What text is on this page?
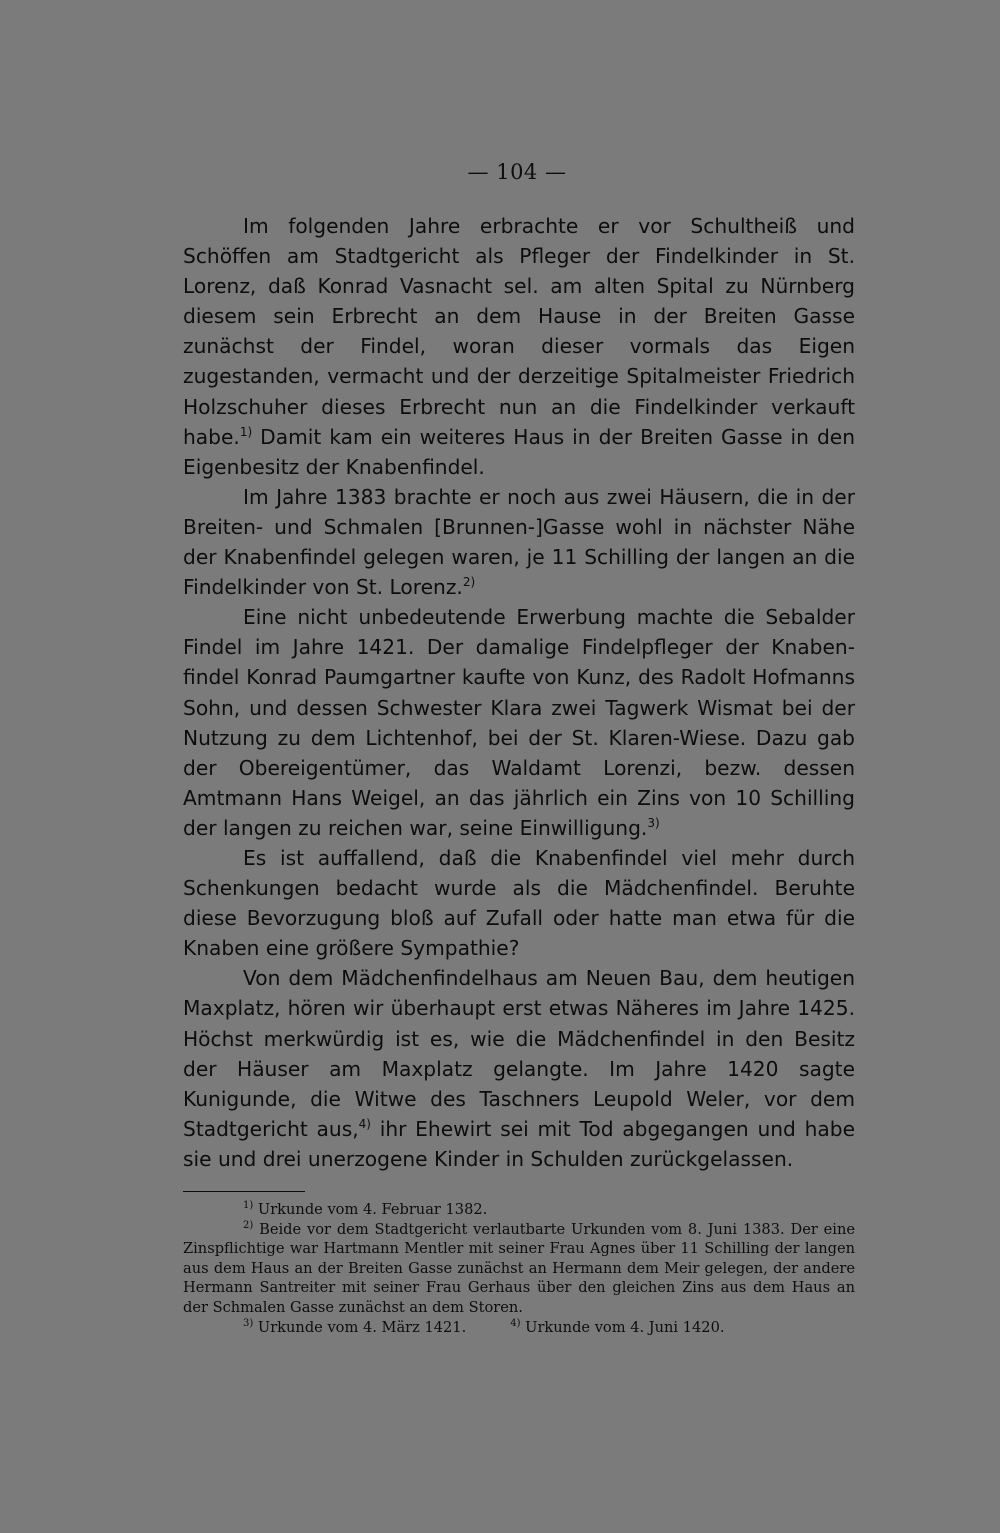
— 104 —

Im folgenden Jahre erbrachte er vor Schultheiß und Schöffen am Stadtgericht als Pfleger der Findelkinder in St. Lorenz, daß Konrad Vasnacht sel. am alten Spital zu Nürnberg diesem sein Erbrecht an dem Hause in der Breiten Gasse zunächst der Findel, woran dieser vormals das Eigen zugestanden, vermacht und der derzeitige Spitalmeister Friedrich Holzschuher dieses Erbrecht nun an die Findelkinder verkauft habe.$^{1)}$ Damit kam ein weiteres Haus in der Breiten Gasse in den Eigenbesitz der Knabenfindel.

Im Jahre 1383 brachte er noch aus zwei Häusern, die in der Breiten- und Schmalen [Brunnen-]Gasse wohl in nächster Nähe der Knabenfindel gelegen waren, je 11 Schilling der langen an die Findelkinder von St. Lorenz.$^{2)}$

Eine nicht unbedeutende Erwerbung machte die Sebalder Findel im Jahre 1421. Der damalige Findelpfleger der Knabenfindel Konrad Paumgartner kaufte von Kunz, des Radolt Hofmanns Sohn, und dessen Schwester Klara zwei Tagwerk Wismat bei der Nutzung zu dem Lichtenhof, bei der St. Klaren-Wiese. Dazu gab der Obereigentümer, das Waldamt Lorenzi, bezw. dessen Amtmann Hans Weigel, an das jährlich ein Zins von 10 Schilling der langen zu reichen war, seine Einwilligung.$^{3)}$

Es ist auffallend, daß die Knabenfindel viel mehr durch Schenkungen bedacht wurde als die Mädchenfindel. Beruhte diese Bevorzugung bloß auf Zufall oder hatte man etwa für die Knaben eine größere Sympathie?

Von dem Mädchenfindelhaus am Neuen Bau, dem heutigen Maxplatz, hören wir überhaupt erst etwas Näheres im Jahre 1425. Höchst merkwürdig ist es, wie die Mädchenfindel in den Besitz der Häuser am Maxplatz gelangte. Im Jahre 1420 sagte Kunigunde, die Witwe des Taschners Leupold Weler, vor dem Stadtgericht aus,$^{4)}$ ihr Ehewirt sei mit Tod abgegangen und habe sie und drei unerzogene Kinder in Schulden zurückgelassen.

$^{1)}$ Urkunde vom 4. Februar 1382.

$^{2)}$ Beide vor dem Stadtgericht verlautbarte Urkunden vom 8. Juni 1383. Der eine Zinspflichtige war Hartmann Mentler mit seiner Frau Agnes über 11 Schilling der langen aus dem Haus an der Breiten Gasse zunächst an Hermann dem Meir gelegen, der andere Hermann Santreiter mit seiner Frau Gerhaus über den gleichen Zins aus dem Haus an der Schmalen Gasse zunächst an dem Storen.

$^{3)}$ Urkunde vom 4. März 1421.	$^{4)}$ Urkunde vom 4. Juni 1420.
